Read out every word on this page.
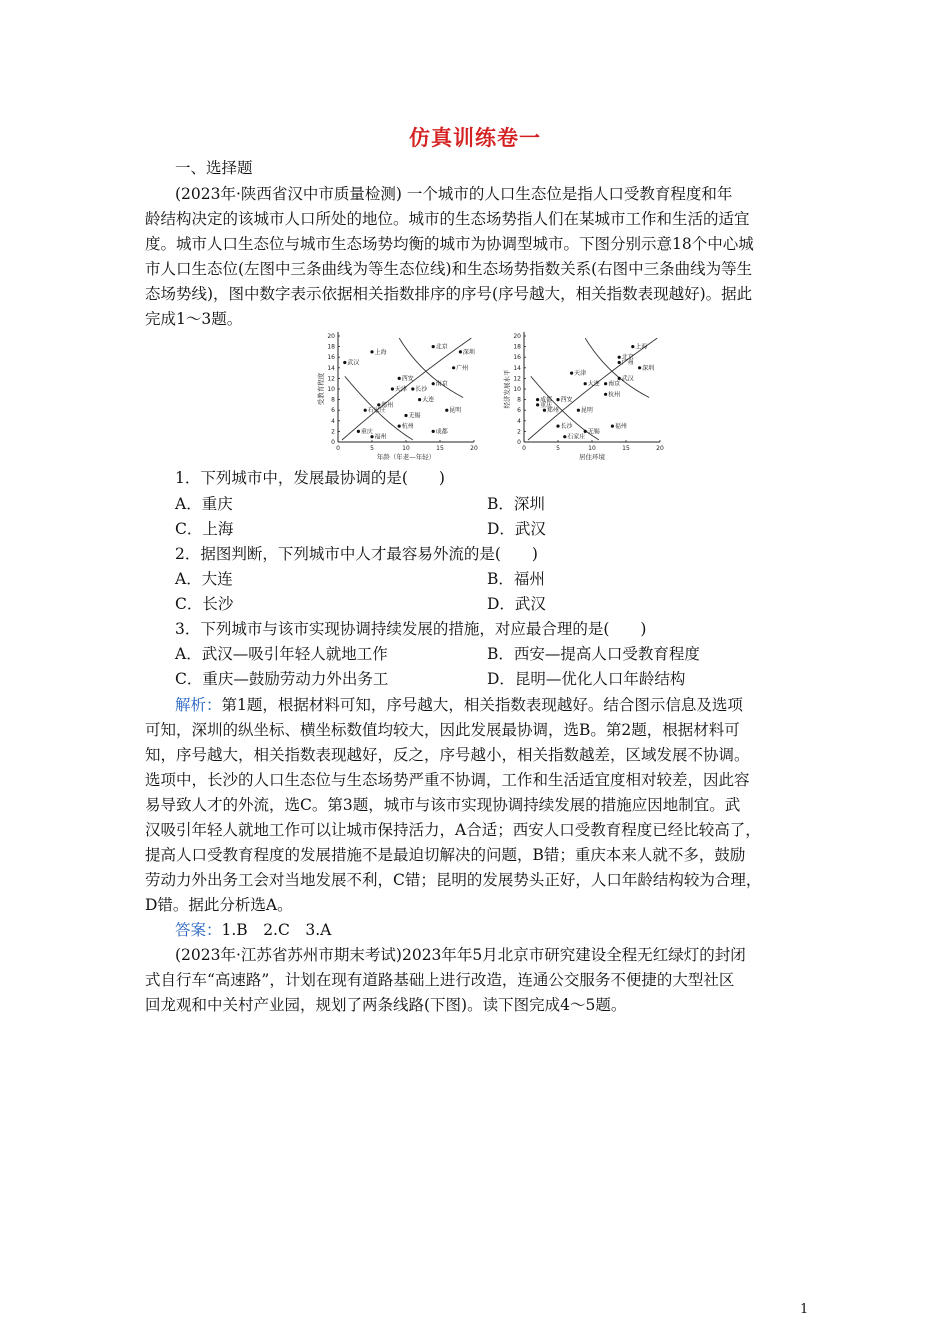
仿真训练卷一
一、选择题
(2023年·陕西省汉中市质量检测) 一个城市的人口生态位是指人口受教育程度和年
龄结构决定的该城市人口所处的地位。城市的生态场势指人们在某城市工作和生活的适宜
度。城市人口生态位与城市生态场势均衡的城市为协调型城市。下图分别示意18个中心城
市人口生态位(左图中三条曲线为等生态位线)和生态场势指数关系(右图中三条曲线为等生
态场势线)，图中数字表示依据相关指数排序的序号(序号越大，相关指数表现越好)。据此
完成1～3题。
0	5	10	15	20
0
2
4
6
8
10
12
14
16
18
20
年龄（年老—年轻）
受教育程度
武汉
上海
北京
深圳
广州
西安
天津 长沙
南京
大连
郑州
石家庄
无锡
昆明
重庆
福州
杭州
成都
0	5	10	15	20
0
2
4
6
8
10
12
14
16
18
20
居住环境
经济发展水平
上海
北京
广州
深圳
天津
大连 南京
武汉
杭州
成都 西安
重庆
郑州	昆明
长沙	福州
无锡
石家庄
1．下列城市中，发展最协调的是(　　)
A．重庆	B．深圳
C．上海	D．武汉
2．据图判断，下列城市中人才最容易外流的是(　　)
A．大连	B．福州
C．长沙	D．武汉
3．下列城市与该市实现协调持续发展的措施，对应最合理的是(　　)
A．武汉—吸引年轻人就地工作	B．西安—提高人口受教育程度
C．重庆—鼓励劳动力外出务工	D．昆明—优化人口年龄结构
解析：第1题，根据材料可知，序号越大，相关指数表现越好。结合图示信息及选项
可知，深圳的纵坐标、横坐标数值均较大，因此发展最协调，选B。第2题，根据材料可
知，序号越大，相关指数表现越好，反之，序号越小，相关指数越差，区域发展不协调。
选项中，长沙的人口生态位与生态场势严重不协调，工作和生活适宜度相对较差，因此容
易导致人才的外流，选C。第3题，城市与该市实现协调持续发展的措施应因地制宜。武
汉吸引年轻人就地工作可以让城市保持活力，A合适；西安人口受教育程度已经比较高了，
提高人口受教育程度的发展措施不是最迫切解决的问题，B错；重庆本来人就不多，鼓励
劳动力外出务工会对当地发展不利，C错；昆明的发展势头正好，人口年龄结构较为合理，
D错。据此分析选A。
答案：1.B　2.C　3.A
(2023年·江苏省苏州市期末考试)2023年年5月北京市研究建设全程无红绿灯的封闭
式自行车“高速路”，计划在现有道路基础上进行改造，连通公交服务不便捷的大型社区
回龙观和中关村产业园，规划了两条线路(下图)。读下图完成4～5题。
1
